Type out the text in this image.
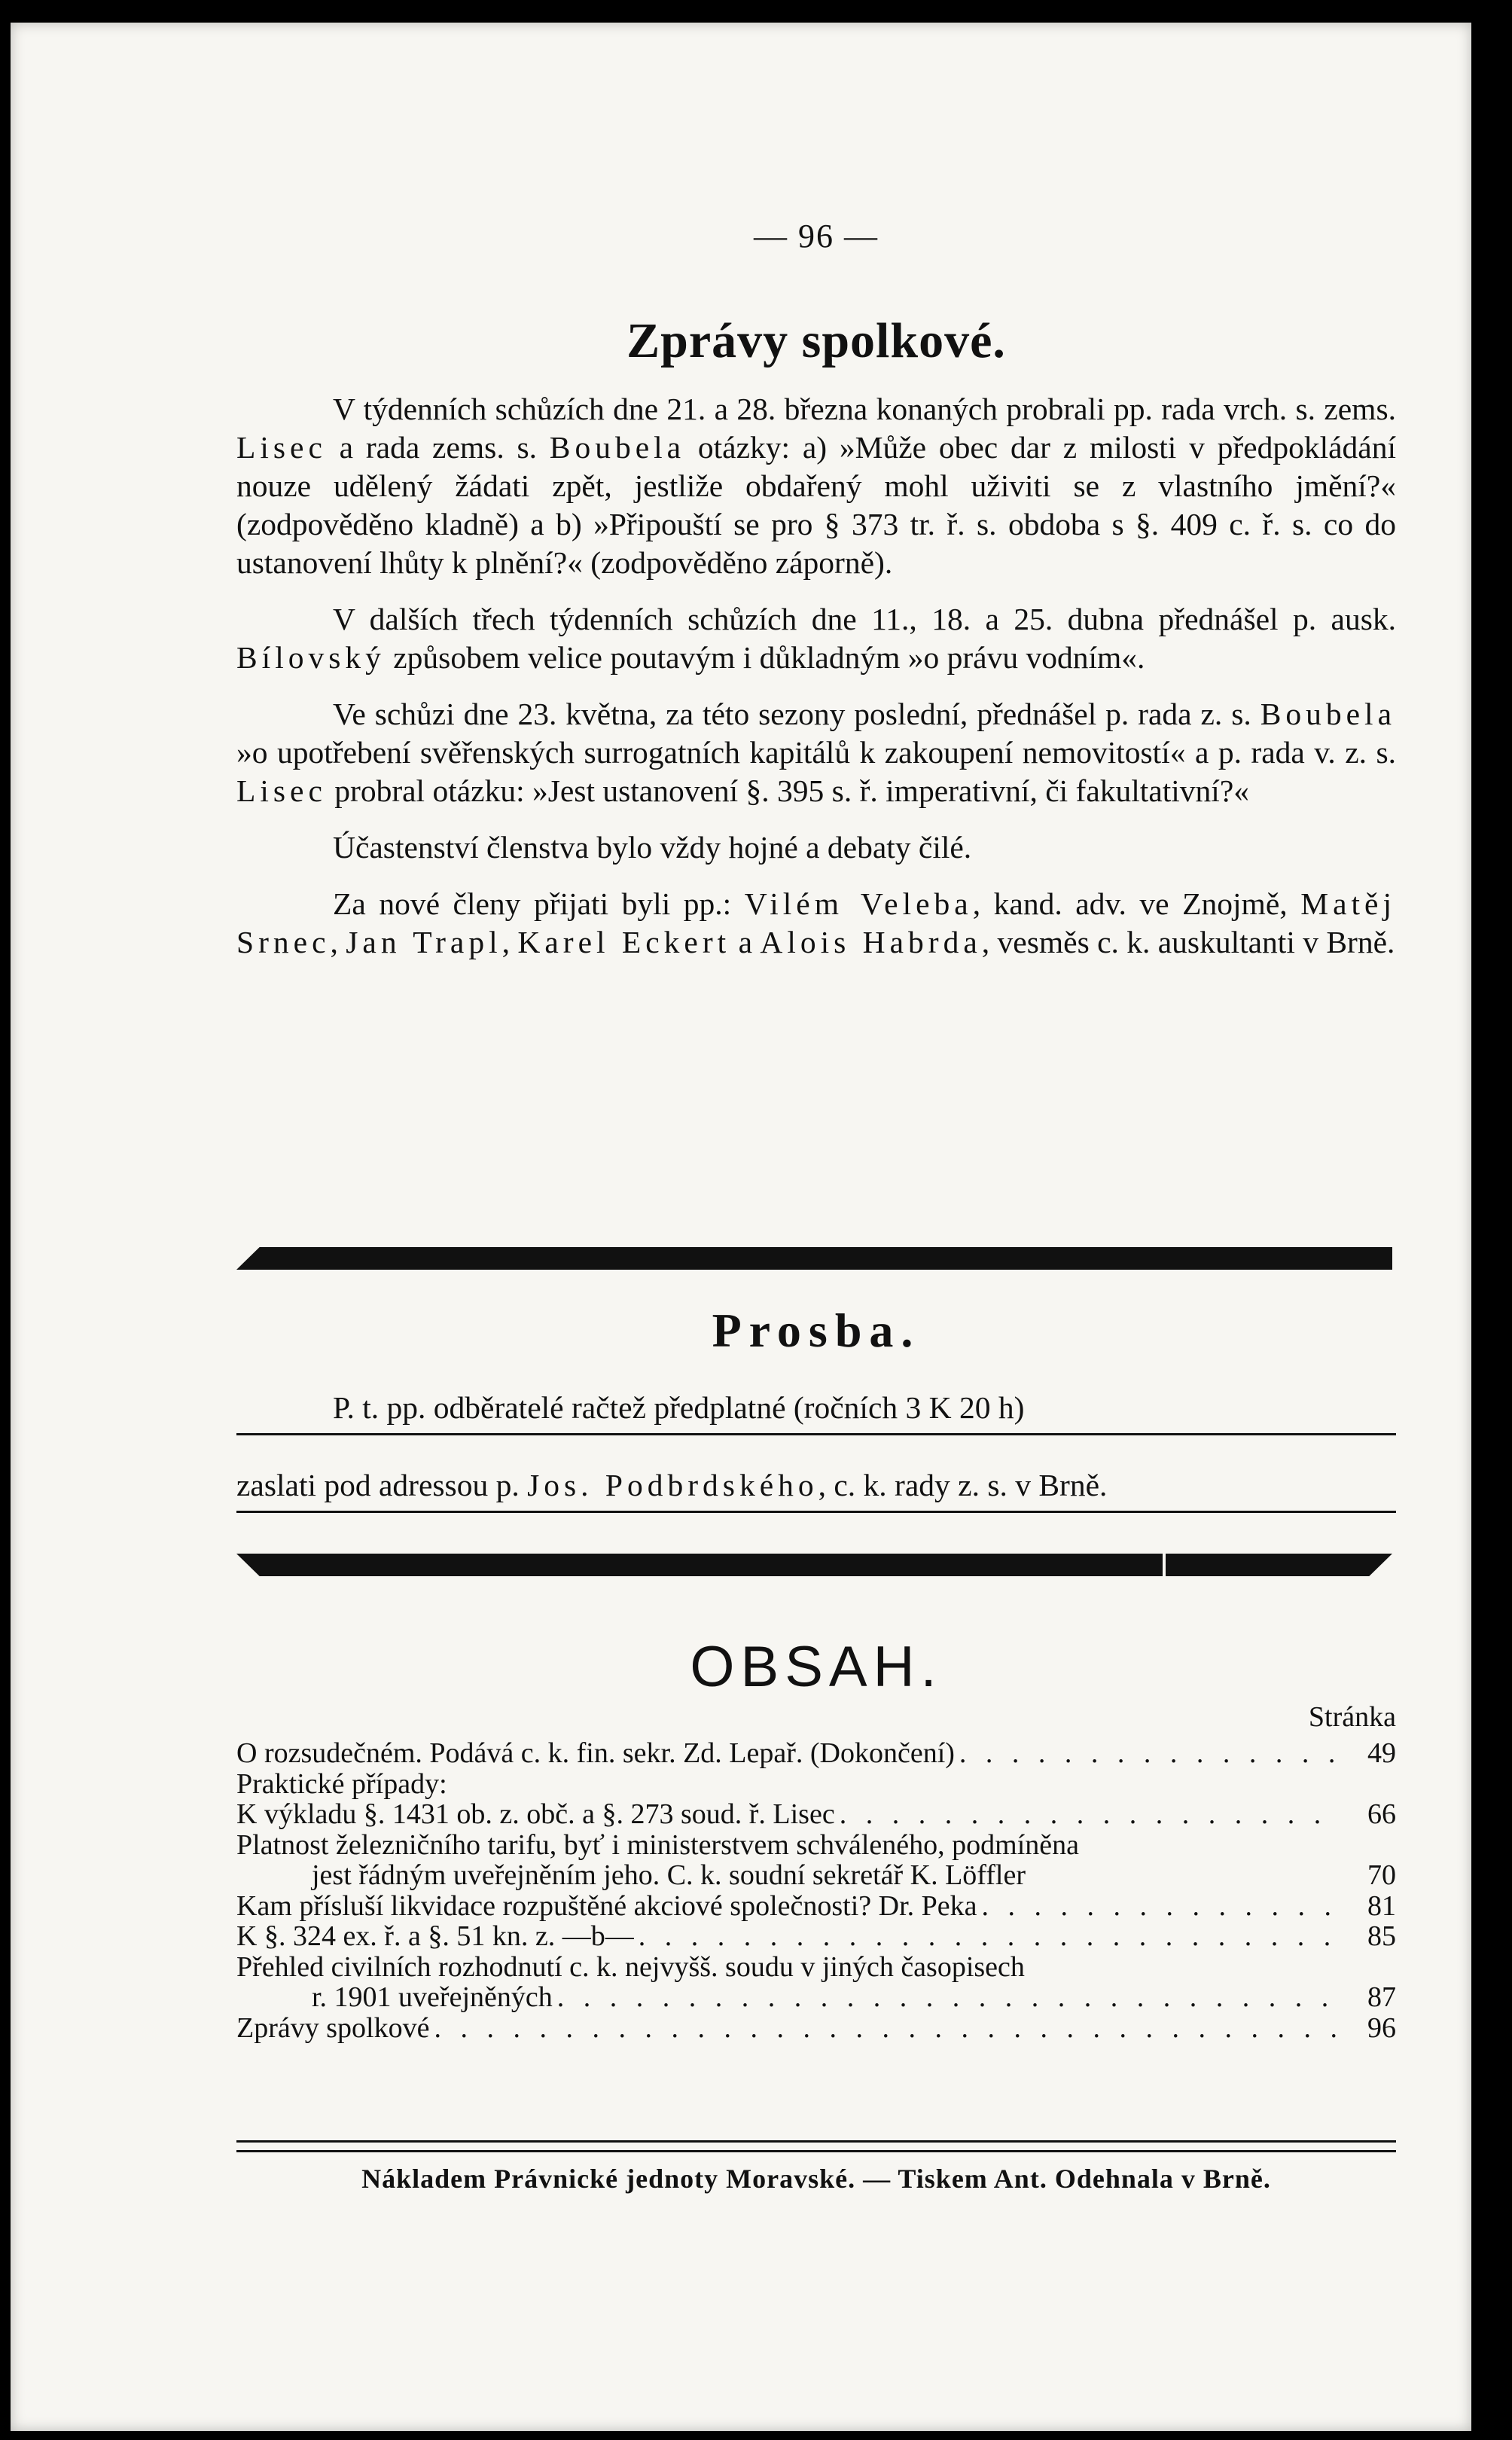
— 96 —
Zprávy spolkové.

V týdenních schůzích dne 21. a 28. března konaných probrali pp. rada vrch. s. zems. Lisec a rada zems. s. Boubela otázky: a) »Může obec dar z milosti v předpokládání nouze udělený žádati zpět, jestliže obdařený mohl uživiti se z vlastního jmění?« (zodpověděno kladně) a b) »Připouští se pro § 373 tr. ř. s. obdoba s §. 409 c. ř. s. co do ustanovení lhůty k plnění?« (zodpověděno záporně).

V dalších třech týdenních schůzích dne 11., 18. a 25. dubna přednášel p. ausk. Bílovský způsobem velice poutavým i důkladným »o právu vodním«.

Ve schůzi dne 23. května, za této sezony poslední, přednášel p. rada z. s. Boubela »o upotřebení svěřenských surrogatních kapitálů k zakoupení nemovitostí« a p. rada v. z. s. Lisec probral otázku: »Jest ustanovení §. 395 s. ř. imperativní, či fakultativní?«

Účastenství členstva bylo vždy hojné a debaty čilé.

Za nové členy přijati byli pp.: Vilém Veleba, kand. adv. ve Znojmě, Matěj Srnec, Jan Trapl, Karel Eckert a Alois Habrda, vesměs c. k. auskultanti v Brně.

Prosba.
P. t. pp. odběratelé račtež předplatné (ročních 3 K 20 h)
zaslati pod adressou p. Jos. Podbrdského, c. k. rady z. s. v Brně.
OBSAH.
Stránka
O rozsudečném. Podává c. k. fin. sekr. Zd. Lepař. (Dokončení) . . .	49
Praktické případy:
K výkladu §. 1431 ob. z. obč. a §. 273 soud. ř. Lisec . . .	66
Platnost železničního tarifu, byť i ministerstvem schváleného, podmíněna
jest řádným uveřejněním jeho. C. k. soudní sekretář K. Löffler	70
Kam přísluší likvidace rozpuštěné akciové společnosti? Dr. Peka . . .	81
K §. 324 ex. ř. a §. 51 kn. z. —b— . . .	85
Přehled civilních rozhodnutí c. k. nejvyšš. soudu v jiných časopisech
r. 1901 uveřejněných . . .	87
Zprávy spolkové . . .	96
Nákladem Právnické jednoty Moravské. — Tiskem Ant. Odehnala v Brně.
